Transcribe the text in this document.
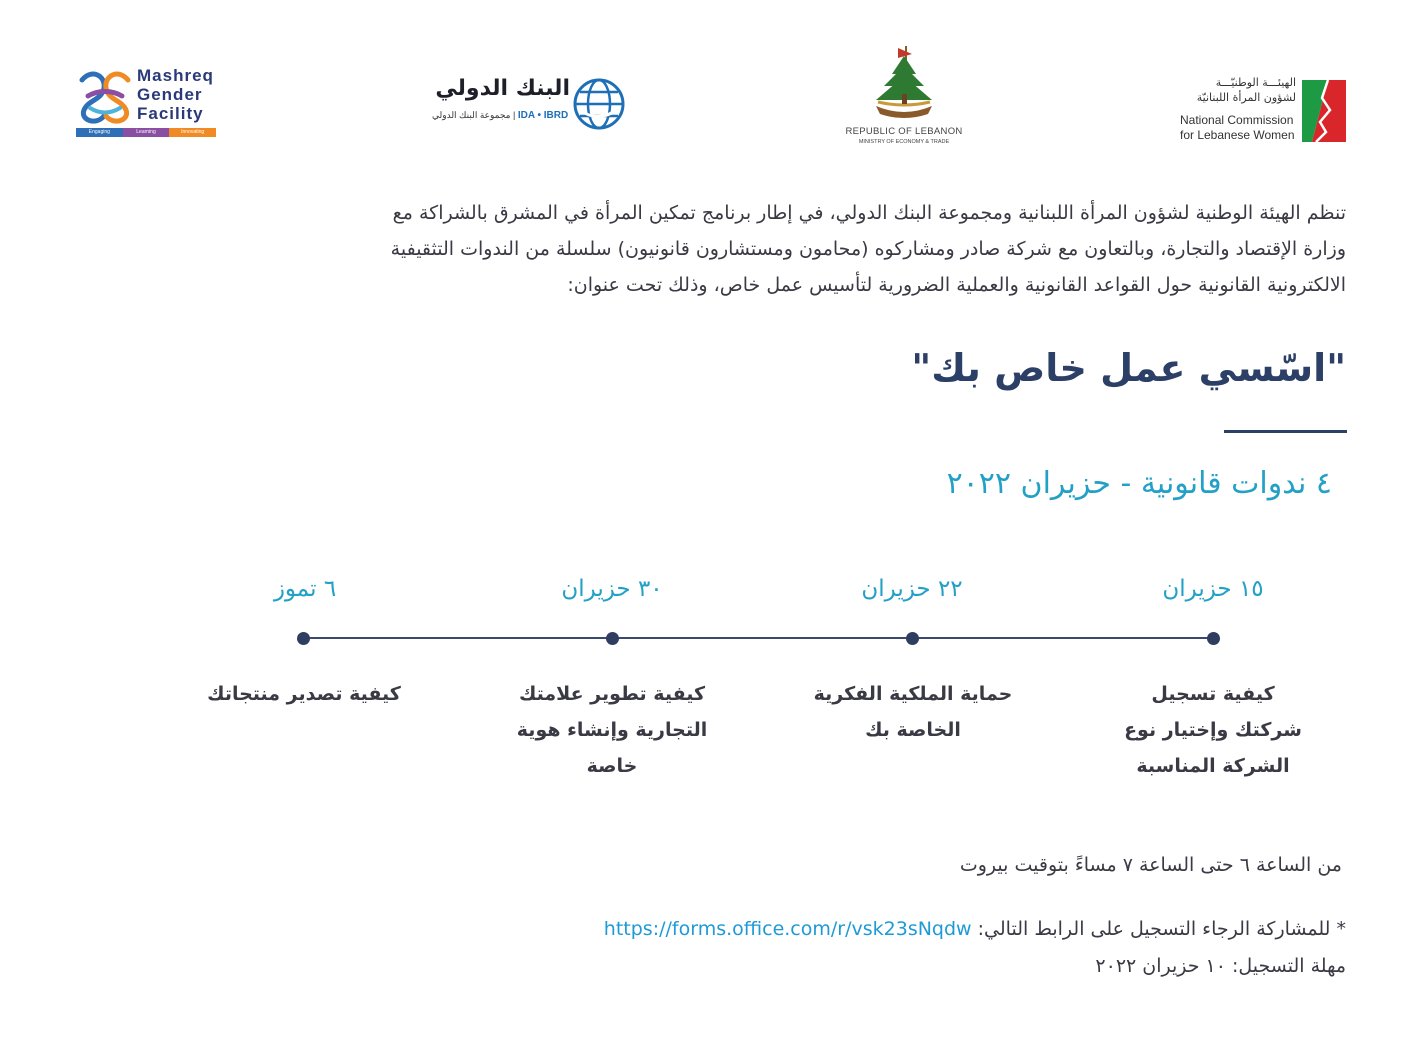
Mashreq
Gender
Facility
Engaging	Learning	Innovating
البنك الدولي
مجموعة البنك الدولي | IDA • IBRD
REPUBLIC OF LEBANON
MINISTRY OF ECONOMY & TRADE
الهيئـــة الوطنيّـــة
لشؤون المرأة اللبنانيّة
National Commission
for Lebanese Women
تنظم الهيئة الوطنية لشؤون المرأة اللبنانية ومجموعة البنك الدولي، في إطار برنامج تمكين المرأة في المشرق بالشراكة مع
وزارة الإقتصاد والتجارة، وبالتعاون مع شركة صادر ومشاركوه (محامون ومستشارون قانونيون) سلسلة من الندوات التثقيفية
الالكترونية القانونية حول القواعد القانونية والعملية الضرورية لتأسيس عمل خاص، وذلك تحت عنوان:
"اسّسي عمل خاص بك"
٤ ندوات قانونية - حزيران ٢٠٢٢
١٥ حزيران
٢٢ حزيران
٣٠ حزيران
٦ تموز
كيفية تسجيل
شركتك وإختيار نوع
الشركة المناسبة
حماية الملكية الفكرية
الخاصة بك
كيفية تطوير علامتك
التجارية وإنشاء هوية
خاصة
كيفية تصدير منتجاتك
من الساعة ٦ حتى الساعة ٧ مساءً بتوقيت بيروت
* للمشاركة الرجاء التسجيل على الرابط التالي: https://forms.office.com/r/vsk23sNqdw
مهلة التسجيل: ١٠ حزيران ٢٠٢٢
